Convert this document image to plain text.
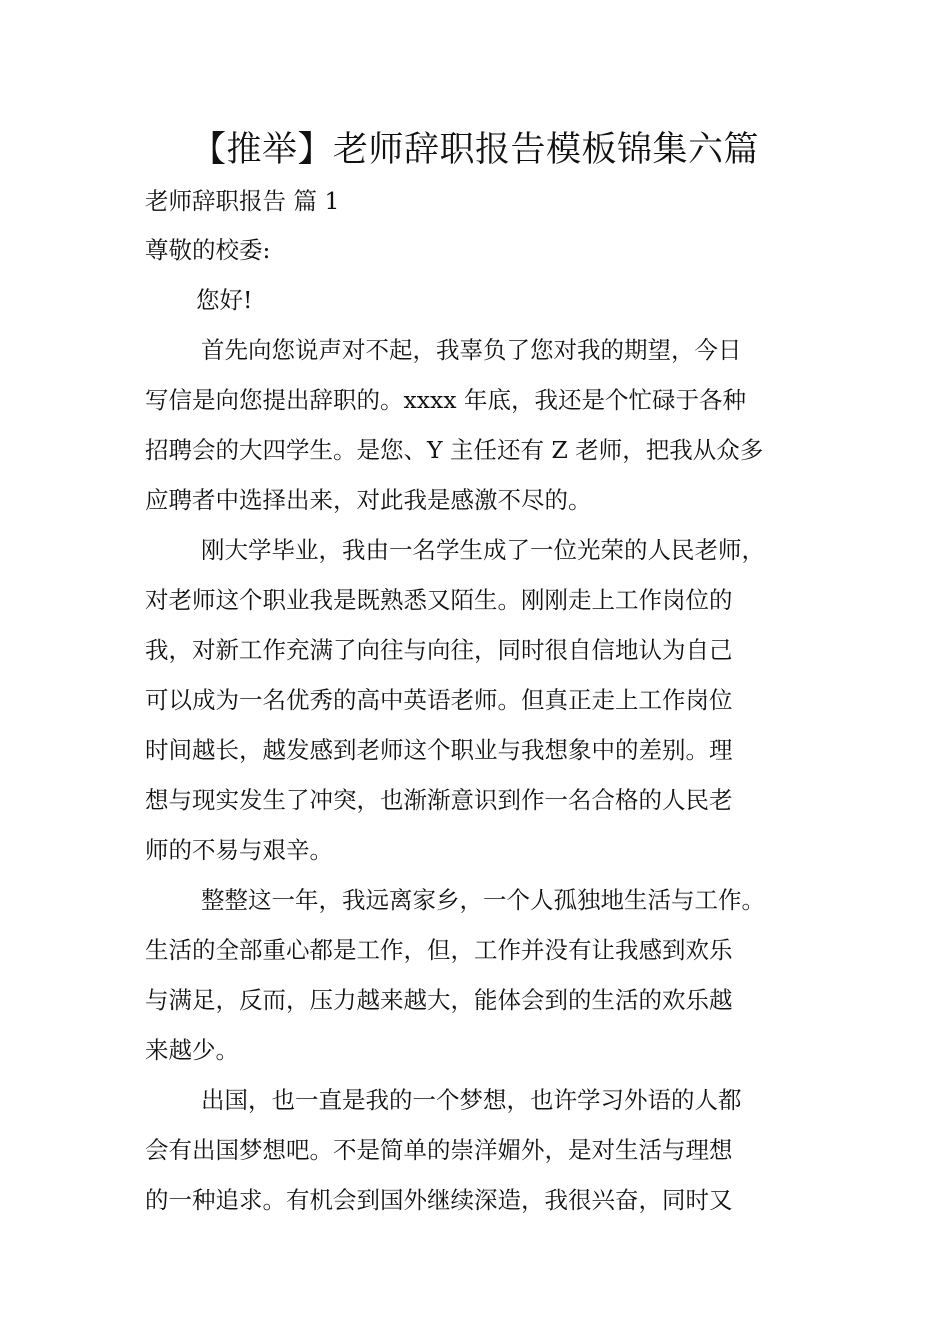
【推举】老师辞职报告模板锦集六篇
老师辞职报告 篇 1
尊敬的校委:
您好!
首先向您说声对不起，我辜负了您对我的期望，今日
写信是向您提出辞职的。xxxx 年底，我还是个忙碌于各种
招聘会的大四学生。是您、Y 主任还有 Z 老师，把我从众多
应聘者中选择出来，对此我是感激不尽的。
刚大学毕业，我由一名学生成了一位光荣的人民老师，
对老师这个职业我是既熟悉又陌生。刚刚走上工作岗位的
我，对新工作充满了向往与向往，同时很自信地认为自己
可以成为一名优秀的高中英语老师。但真正走上工作岗位
时间越长，越发感到老师这个职业与我想象中的差别。理
想与现实发生了冲突，也渐渐意识到作一名合格的人民老
师的不易与艰辛。
整整这一年，我远离家乡，一个人孤独地生活与工作。
生活的全部重心都是工作，但，工作并没有让我感到欢乐
与满足，反而，压力越来越大，能体会到的生活的欢乐越
来越少。
出国，也一直是我的一个梦想，也许学习外语的人都
会有出国梦想吧。不是简单的崇洋媚外，是对生活与理想
的一种追求。有机会到国外继续深造，我很兴奋，同时又
